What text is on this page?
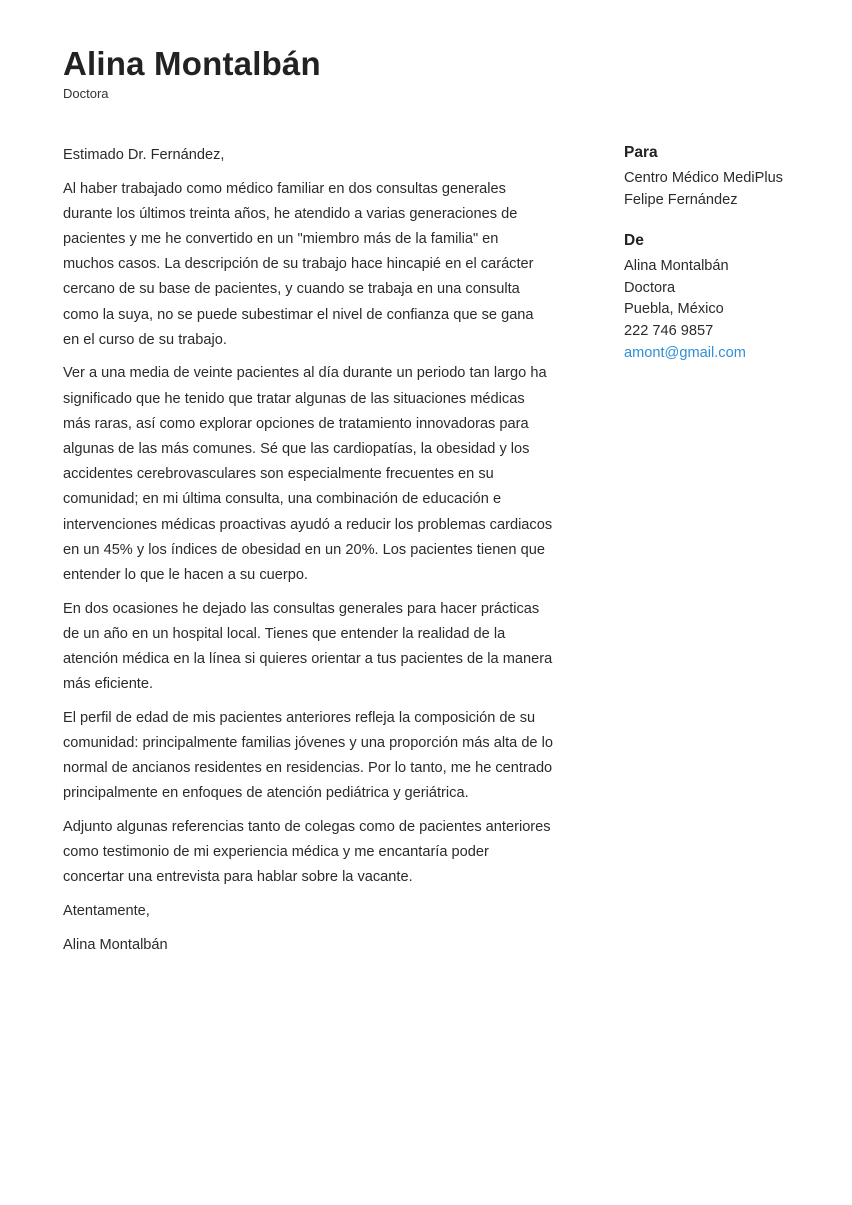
Alina Montalbán
Doctora

Estimado Dr. Fernández,

Al haber trabajado como médico familiar en dos consultas generales durante los últimos treinta años, he atendido a varias generaciones de pacientes y me he convertido en un "miembro más de la familia" en muchos casos. La descripción de su trabajo hace hincapié en el carácter cercano de su base de pacientes, y cuando se trabaja en una consulta como la suya, no se puede subestimar el nivel de confianza que se gana en el curso de su trabajo.

Ver a una media de veinte pacientes al día durante un periodo tan largo ha significado que he tenido que tratar algunas de las situaciones médicas más raras, así como explorar opciones de tratamiento innovadoras para algunas de las más comunes. Sé que las cardiopatías, la obesidad y los accidentes cerebrovasculares son especialmente frecuentes en su comunidad; en mi última consulta, una combinación de educación e intervenciones médicas proactivas ayudó a reducir los problemas cardiacos en un 45% y los índices de obesidad en un 20%. Los pacientes tienen que entender lo que le hacen a su cuerpo.

En dos ocasiones he dejado las consultas generales para hacer prácticas de un año en un hospital local. Tienes que entender la realidad de la atención médica en la línea si quieres orientar a tus pacientes de la manera más eficiente.

El perfil de edad de mis pacientes anteriores refleja la composición de su comunidad: principalmente familias jóvenes y una proporción más alta de lo normal de ancianos residentes en residencias. Por lo tanto, me he centrado principalmente en enfoques de atención pediátrica y geriátrica.

Adjunto algunas referencias tanto de colegas como de pacientes anteriores como testimonio de mi experiencia médica y me encantaría poder concertar una entrevista para hablar sobre la vacante.

Atentamente,

Alina Montalbán

Para
Centro Médico MediPlus
Felipe Fernández
De
Alina Montalbán
Doctora
Puebla, México
222 746 9857
amont@gmail.com
